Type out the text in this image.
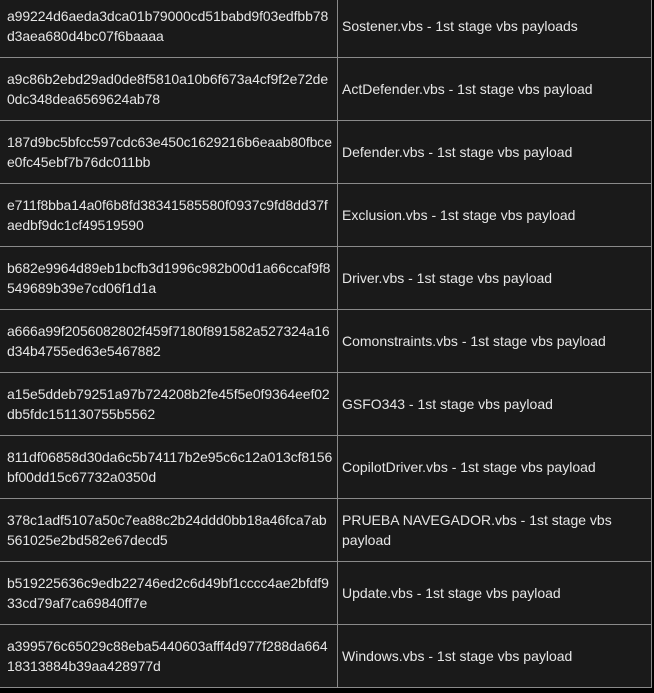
a99224d6aeda3dca01b79000cd51babd9f03edfbb78d3aea680d4bc07f6baaaa	Sostener.vbs - 1st stage vbs payloads
a9c86b2ebd29ad0de8f5810a10b6f673a4cf9f2e72de0dc348dea6569624ab78	ActDefender.vbs - 1st stage vbs payload
187d9bc5bfcc597cdc63e450c1629216b6eaab80fbcee0fc45ebf7b76dc011bb	Defender.vbs - 1st stage vbs payload
e711f8bba14a0f6b8fd38341585580f0937c9fd8dd37faedbf9dc1cf49519590	Exclusion.vbs - 1st stage vbs payload
b682e9964d89eb1bcfb3d1996c982b00d1a66ccaf9f8549689b39e7cd06f1d1a	Driver.vbs - 1st stage vbs payload
a666a99f2056082802f459f7180f891582a527324a16d34b4755ed63e5467882	Comonstraints.vbs - 1st stage vbs payload
a15e5ddeb79251a97b724208b2fe45f5e0f9364eef02db5fdc151130755b5562	GSFO343 - 1st stage vbs payload
811df06858d30da6c5b74117b2e95c6c12a013cf8156bf00dd15c67732a0350d	CopilotDriver.vbs - 1st stage vbs payload
378c1adf5107a50c7ea88c2b24ddd0bb18a46fca7ab561025e2bd582e67decd5	PRUEBA NAVEGADOR.vbs - 1st stage vbs payload
b519225636c9edb22746ed2c6d49bf1cccc4ae2bfdf933cd79af7ca69840ff7e	Update.vbs - 1st stage vbs payload
a399576c65029c88eba5440603afff4d977f288da66418313884b39aa428977d	Windows.vbs - 1st stage vbs payload
